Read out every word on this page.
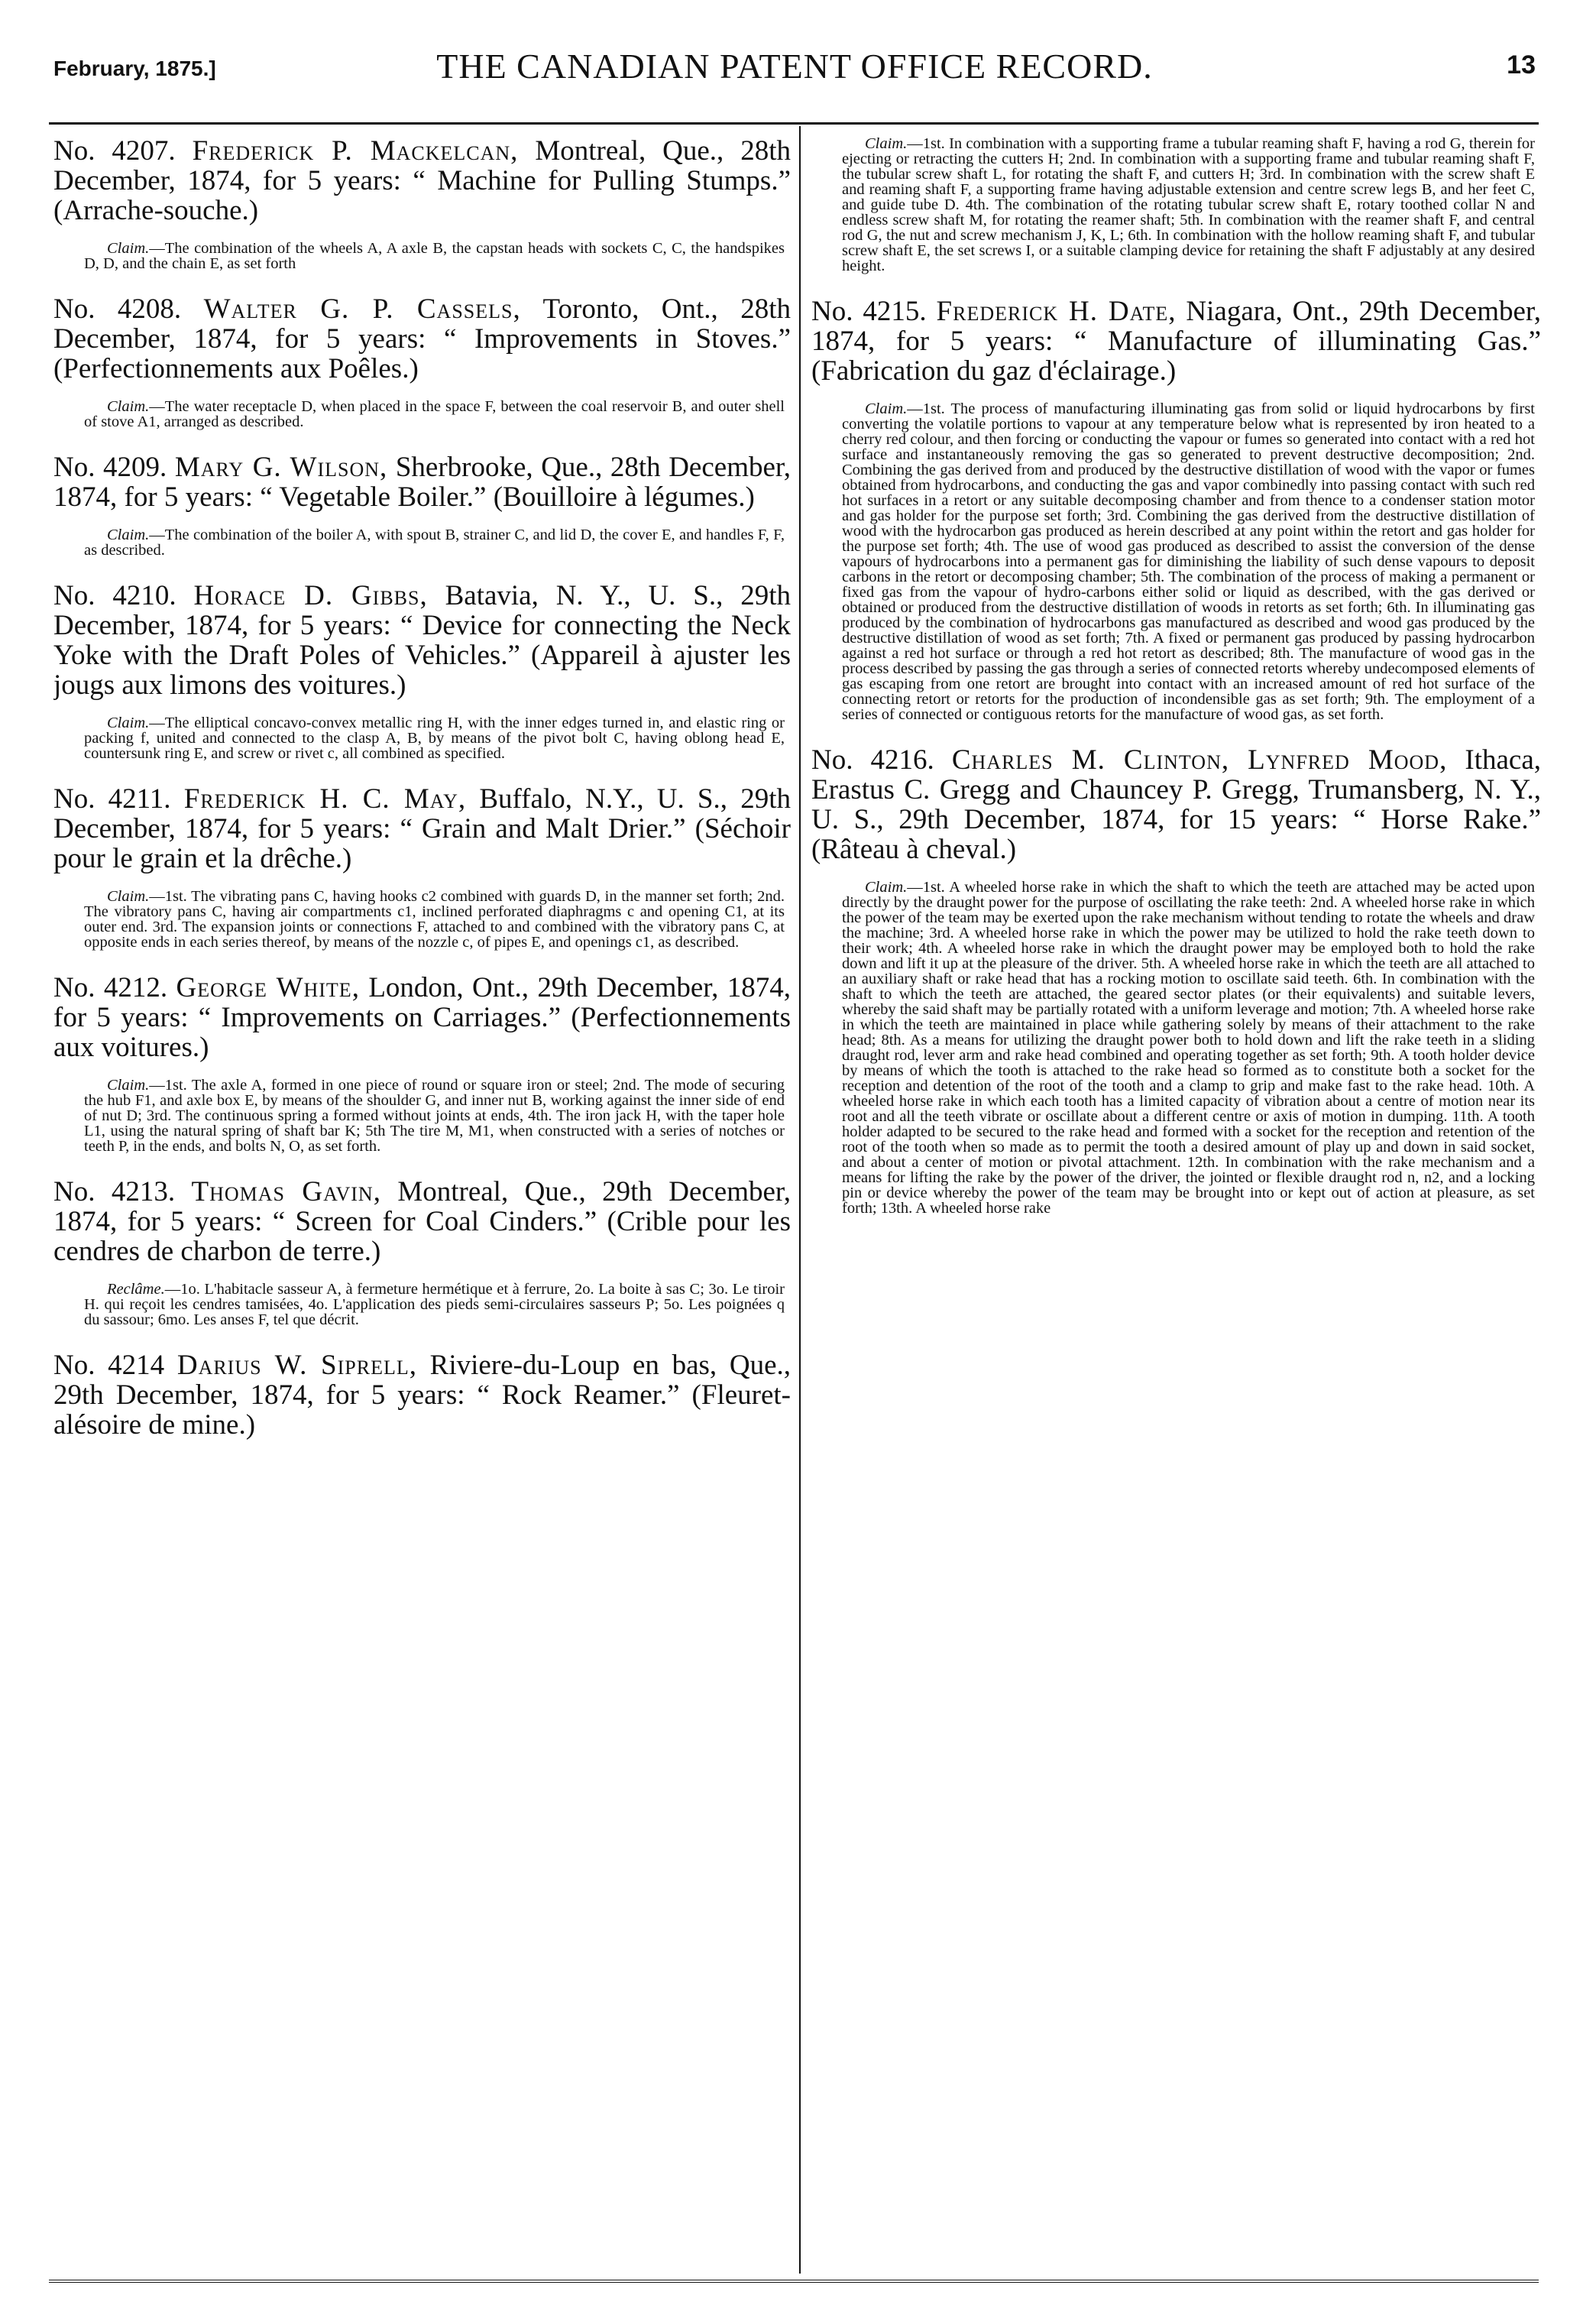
February, 1875.]	THE CANADIAN PATENT OFFICE RECORD.	13
No. 4207. Frederick P. Mackelcan, Montreal, Que., 28th December, 1874, for 5 years: “ Machine for Pulling Stumps.” (Arrache-souche.)
Claim.—The combination of the wheels A, A axle B, the capstan heads with sockets C, C, the handspikes D, D, and the chain E, as set forth
No. 4208. Walter G. P. Cassels, Toronto, Ont., 28th December, 1874, for 5 years: “ Improvements in Stoves.” (Perfectionnements aux Poêles.)
Claim.—The water receptacle D, when placed in the space F, between the coal reservoir B, and outer shell of stove A1, arranged as described.
No. 4209. Mary G. Wilson, Sherbrooke, Que., 28th December, 1874, for 5 years: “ Vegetable Boiler.” (Bouilloire à légumes.)
Claim.—The combination of the boiler A, with spout B, strainer C, and lid D, the cover E, and handles F, F, as described.
No. 4210. Horace D. Gibbs, Batavia, N. Y., U. S., 29th December, 1874, for 5 years: “ Device for connecting the Neck Yoke with the Draft Poles of Vehicles.” (Appareil à ajuster les jougs aux limons des voitures.)
Claim.—The elliptical concavo-convex metallic ring H, with the inner edges turned in, and elastic ring or packing f, united and connected to the clasp A, B, by means of the pivot bolt C, having oblong head E, countersunk ring E, and screw or rivet c, all combined as specified.
No. 4211. Frederick H. C. May, Buffalo, N.Y., U. S., 29th December, 1874, for 5 years: “ Grain and Malt Drier.” (Séchoir pour le grain et la drêche.)
Claim.—1st. The vibrating pans C, having hooks c2 combined with guards D, in the manner set forth; 2nd. The vibratory pans C, having air compartments c1, inclined perforated diaphragms c and opening C1, at its outer end. 3rd. The expansion joints or connections F, attached to and combined with the vibratory pans C, at opposite ends in each series thereof, by means of the nozzle c, of pipes E, and openings c1, as described.
No. 4212. George White, London, Ont., 29th December, 1874, for 5 years: “ Improvements on Carriages.” (Perfectionnements aux voitures.)
Claim.—1st. The axle A, formed in one piece of round or square iron or steel; 2nd. The mode of securing the hub F1, and axle box E, by means of the shoulder G, and inner nut B, working against the inner side of end of nut D; 3rd. The continuous spring a formed without joints at ends, 4th. The iron jack H, with the taper hole L1, using the natural spring of shaft bar K; 5th The tire M, M1, when constructed with a series of notches or teeth P, in the ends, and bolts N, O, as set forth.
No. 4213. Thomas Gavin, Montreal, Que., 29th December, 1874, for 5 years: “ Screen for Coal Cinders.” (Crible pour les cendres de charbon de terre.)
Reclâme.—1o. L'habitacle sasseur A, à fermeture hermétique et à ferrure, 2o. La boite à sas C; 3o. Le tiroir H. qui reçoit les cendres tamisées, 4o. L'application des pieds semi-circulaires sasseurs P; 5o. Les poignées q du sassour; 6mo. Les anses F, tel que décrit.
No. 4214 Darius W. Siprell, Riviere-du-Loup en bas, Que., 29th December, 1874, for 5 years: “ Rock Reamer.” (Fleuret-alésoire de mine.)
Claim.—1st. In combination with a supporting frame a tubular reaming shaft F, having a rod G, therein for ejecting or retracting the cutters H; 2nd. In combination with a supporting frame and tubular reaming shaft F, the tubular screw shaft L, for rotating the shaft F, and cutters H; 3rd. In combination with the screw shaft E and reaming shaft F, a supporting frame having adjustable extension and centre screw legs B, and her feet C, and guide tube D. 4th. The combination of the rotating tubular screw shaft E, rotary toothed collar N and endless screw shaft M, for rotating the reamer shaft; 5th. In combination with the reamer shaft F, and central rod G, the nut and screw mechanism J, K, L; 6th. In combination with the hollow reaming shaft F, and tubular screw shaft E, the set screws I, or a suitable clamping device for retaining the shaft F adjustably at any desired height.
No. 4215. Frederick H. Date, Niagara, Ont., 29th December, 1874, for 5 years: “ Manufacture of illuminating Gas.” (Fabrication du gaz d'éclairage.)
Claim.—1st. The process of manufacturing illuminating gas from solid or liquid hydrocarbons by first converting the volatile portions to vapour at any temperature below what is represented by iron heated to a cherry red colour, and then forcing or conducting the vapour or fumes so generated into contact with a red hot surface and instantaneously removing the gas so generated to prevent destructive decomposition; 2nd. Combining the gas derived from and produced by the destructive distillation of wood with the vapor or fumes obtained from hydrocarbons, and conducting the gas and vapor combinedly into passing contact with such red hot surfaces in a retort or any suitable decomposing chamber and from thence to a condenser station motor and gas holder for the purpose set forth; 3rd. Combining the gas derived from the destructive distillation of wood with the hydrocarbon gas produced as herein described at any point within the retort and gas holder for the purpose set forth; 4th. The use of wood gas produced as described to assist the conversion of the dense vapours of hydrocarbons into a permanent gas for diminishing the liability of such dense vapours to deposit carbons in the retort or decomposing chamber; 5th. The combination of the process of making a permanent or fixed gas from the vapour of hydro-carbons either solid or liquid as described, with the gas derived or obtained or produced from the destructive distillation of woods in retorts as set forth; 6th. In illuminating gas produced by the combination of hydrocarbons gas manufactured as described and wood gas produced by the destructive distillation of wood as set forth; 7th. A fixed or permanent gas produced by passing hydrocarbon against a red hot surface or through a red hot retort as described; 8th. The manufacture of wood gas in the process described by passing the gas through a series of connected retorts whereby undecomposed elements of gas escaping from one retort are brought into contact with an increased amount of red hot surface of the connecting retort or retorts for the production of incondensible gas as set forth; 9th. The employment of a series of connected or contiguous retorts for the manufacture of wood gas, as set forth.
No. 4216. Charles M. Clinton, Lynfred Mood, Ithaca, Erastus C. Gregg and Chauncey P. Gregg, Trumansberg, N. Y., U. S., 29th December, 1874, for 15 years: “ Horse Rake.” (Râteau à cheval.)
Claim.—1st. A wheeled horse rake in which the shaft to which the teeth are attached may be acted upon directly by the draught power for the purpose of oscillating the rake teeth: 2nd. A wheeled horse rake in which the power of the team may be exerted upon the rake mechanism without tending to rotate the wheels and draw the machine; 3rd. A wheeled horse rake in which the power may be utilized to hold the rake teeth down to their work; 4th. A wheeled horse rake in which the draught power may be employed both to hold the rake down and lift it up at the pleasure of the driver. 5th. A wheeled horse rake in which the teeth are all attached to an auxiliary shaft or rake head that has a rocking motion to oscillate said teeth. 6th. In combination with the shaft to which the teeth are attached, the geared sector plates (or their equivalents) and suitable levers, whereby the said shaft may be partially rotated with a uniform leverage and motion; 7th. A wheeled horse rake in which the teeth are maintained in place while gathering solely by means of their attachment to the rake head; 8th. As a means for utilizing the draught power both to hold down and lift the rake teeth in a sliding draught rod, lever arm and rake head combined and operating together as set forth; 9th. A tooth holder device by means of which the tooth is attached to the rake head so formed as to constitute both a socket for the reception and detention of the root of the tooth and a clamp to grip and make fast to the rake head. 10th. A wheeled horse rake in which each tooth has a limited capacity of vibration about a centre of motion near its root and all the teeth vibrate or oscillate about a different centre or axis of motion in dumping. 11th. A tooth holder adapted to be secured to the rake head and formed with a socket for the reception and retention of the root of the tooth when so made as to permit the tooth a desired amount of play up and down in said socket, and about a center of motion or pivotal attachment. 12th. In combination with the rake mechanism and a means for lifting the rake by the power of the driver, the jointed or flexible draught rod n, n2, and a locking pin or device whereby the power of the team may be brought into or kept out of action at pleasure, as set forth; 13th. A wheeled horse rake
